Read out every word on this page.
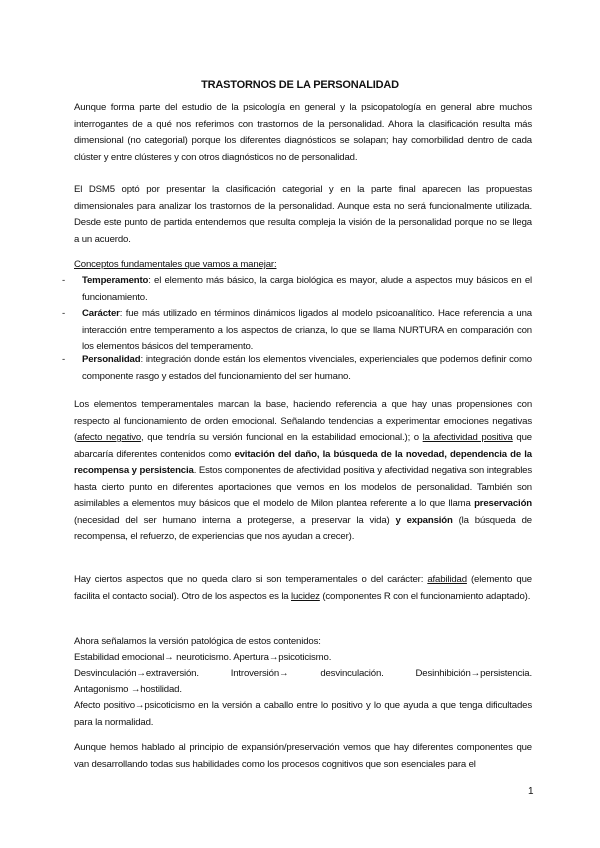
TRASTORNOS DE LA PERSONALIDAD

Aunque forma parte del estudio de la psicología en general y la psicopatología en general abre muchos interrogantes de a qué nos referimos con trastornos de la personalidad. Ahora la clasificación resulta más dimensional (no categorial) porque los diferentes diagnósticos se solapan; hay comorbilidad dentro de cada clúster y entre clústeres y con otros diagnósticos no de personalidad.

El DSM5 optó por presentar la clasificación categorial y en la parte final aparecen las propuestas dimensionales para analizar los trastornos de la personalidad. Aunque esta no será funcionalmente utilizada. Desde este punto de partida entendemos que resulta compleja la visión de la personalidad porque no se llega a un acuerdo.

Conceptos fundamentales que vamos a manejar:

-	Temperamento: el elemento más básico, la carga biológica es mayor, alude a aspectos muy básicos en el funcionamiento.
-	Carácter: fue más utilizado en términos dinámicos ligados al modelo psicoanalítico. Hace referencia a una interacción entre temperamento a los aspectos de crianza, lo que se llama NURTURA en comparación con los elementos básicos del temperamento.
-	Personalidad: integración donde están los elementos vivenciales, experienciales que podemos definir como componente rasgo y estados del funcionamiento del ser humano.

Los elementos temperamentales marcan la base, haciendo referencia a que hay unas propensiones con respecto al funcionamiento de orden emocional. Señalando tendencias a experimentar emociones negativas (afecto negativo, que tendría su versión funcional en la estabilidad emocional.); o la afectividad positiva que abarcaría diferentes contenidos como evitación del daño, la búsqueda de la novedad, dependencia de la recompensa y persistencia. Estos componentes de afectividad positiva y afectividad negativa son integrables hasta cierto punto en diferentes aportaciones que vemos en los modelos de personalidad. También son asimilables a elementos muy básicos que el modelo de Milon plantea referente a lo que llama preservación (necesidad del ser humano interna a protegerse, a preservar la vida) y expansión (la búsqueda de recompensa, el refuerzo, de experiencias que nos ayudan a crecer).

Hay ciertos aspectos que no queda claro si son temperamentales o del carácter: afabilidad (elemento que facilita el contacto social). Otro de los aspectos es la lucidez (componentes R con el funcionamiento adaptado).

Ahora señalamos la versión patológica de estos contenidos:

Estabilidad emocional→ neuroticismo. Apertura→psicoticismo.

Desvinculación→extraversión.	Introversión→	desvinculación.	Desinhibición→persistencia.

Antagonismo →hostilidad.

Afecto positivo→psicoticismo en la versión a caballo entre lo positivo y lo que ayuda a que tenga dificultades para la normalidad.

Aunque hemos hablado al principio de expansión/preservación vemos que hay diferentes componentes que van desarrollando todas sus habilidades como los procesos cognitivos que son esenciales para el

1
